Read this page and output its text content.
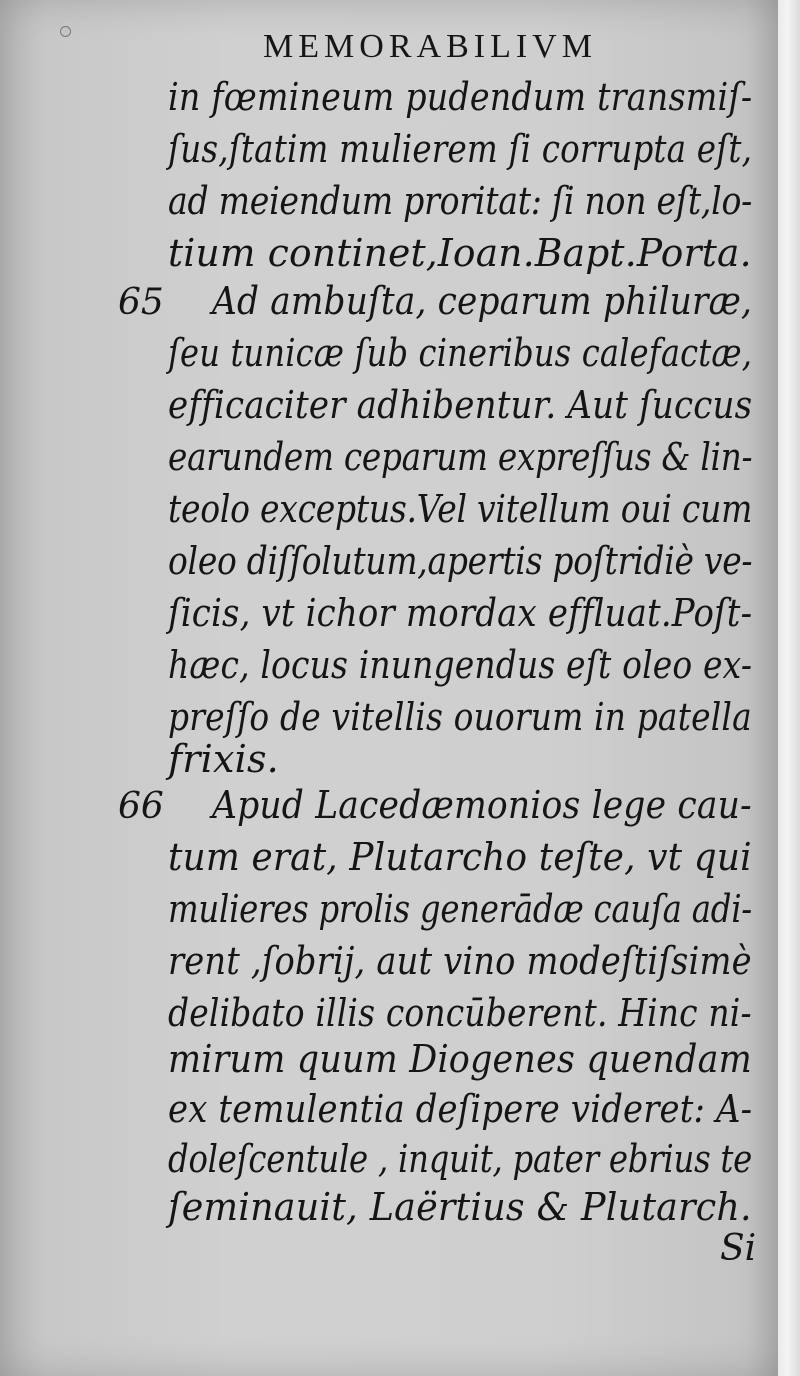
MEMORABILIVM
in fœmineum pudendum transmiſ-
ſus,ſtatim mulierem ſi corrupta eſt,
ad meiendum proritat: ſi non eſt,lo-
tium continet,Ioan.Bapt.Porta.
65 Ad ambuſta, ceparum philuræ,
ſeu tunicæ ſub cineribus calefactæ,
efficaciter adhibentur. Aut ſuccus
earundem ceparum expreſſus & lin-
teolo exceptus.Vel vitellum oui cum
oleo diſſolutum,apertis poſtridiè ve-
ſicis, vt ichor mordax effluat.Poſt-
hæc, locus inungendus eſt oleo ex-
preſſo de vitellis ouorum in patella
frixis.
66 Apud Lacedæmonios lege cau-
tum erat, Plutarcho teſte, vt qui
mulieres prolis generādæ cauſa adi-
rent ,ſobrij, aut vino modeſtiſsimè
delibato illis concūberent. Hinc ni-
mirum quum Diogenes quendam
ex temulentia deſipere videret: A-
doleſcentule , inquit, pater ebrius te
ſeminauit, Laërtius & Plutarch.
Si
